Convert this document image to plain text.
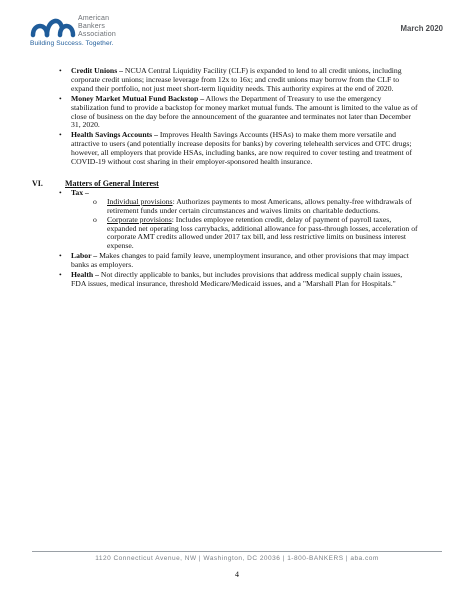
American
Bankers
Association
Building Success. Together.
March 2020
• Credit Unions – NCUA Central Liquidity Facility (CLF) is expanded to lend to all credit unions, including corporate credit unions; increase leverage from 12x to 16x; and credit unions may borrow from the CLF to expand their portfolio, not just meet short-term liquidity needs. This authority expires at the end of 2020.
• Money Market Mutual Fund Backstop – Allows the Department of Treasury to use the emergency stabilization fund to provide a backstop for money market mutual funds. The amount is limited to the value as of close of business on the day before the announcement of the guarantee and terminates not later than December 31, 2020.
• Health Savings Accounts – Improves Health Savings Accounts (HSAs) to make them more versatile and attractive to users (and potentially increase deposits for banks) by covering telehealth services and OTC drugs; however, all employers that provide HSAs, including banks, are now required to cover testing and treatment of COVID-19 without cost sharing in their employer-sponsored health insurance.
VI.	Matters of General Interest
• Tax –
o Individual provisions: Authorizes payments to most Americans, allows penalty-free withdrawals of retirement funds under certain circumstances and waives limits on charitable deductions.
o Corporate provisions: Includes employee retention credit, delay of payment of payroll taxes, expanded net operating loss carrybacks, additional allowance for pass-through losses, acceleration of corporate AMT credits allowed under 2017 tax bill, and less restrictive limits on business interest expense.
• Labor – Makes changes to paid family leave, unemployment insurance, and other provisions that may impact banks as employers.
• Health – Not directly applicable to banks, but includes provisions that address medical supply chain issues, FDA issues, medical insurance, threshold Medicare/Medicaid issues, and a "Marshall Plan for Hospitals."
1120 Connecticut Avenue, NW | Washington, DC 20036 | 1-800-BANKERS | aba.com
4
